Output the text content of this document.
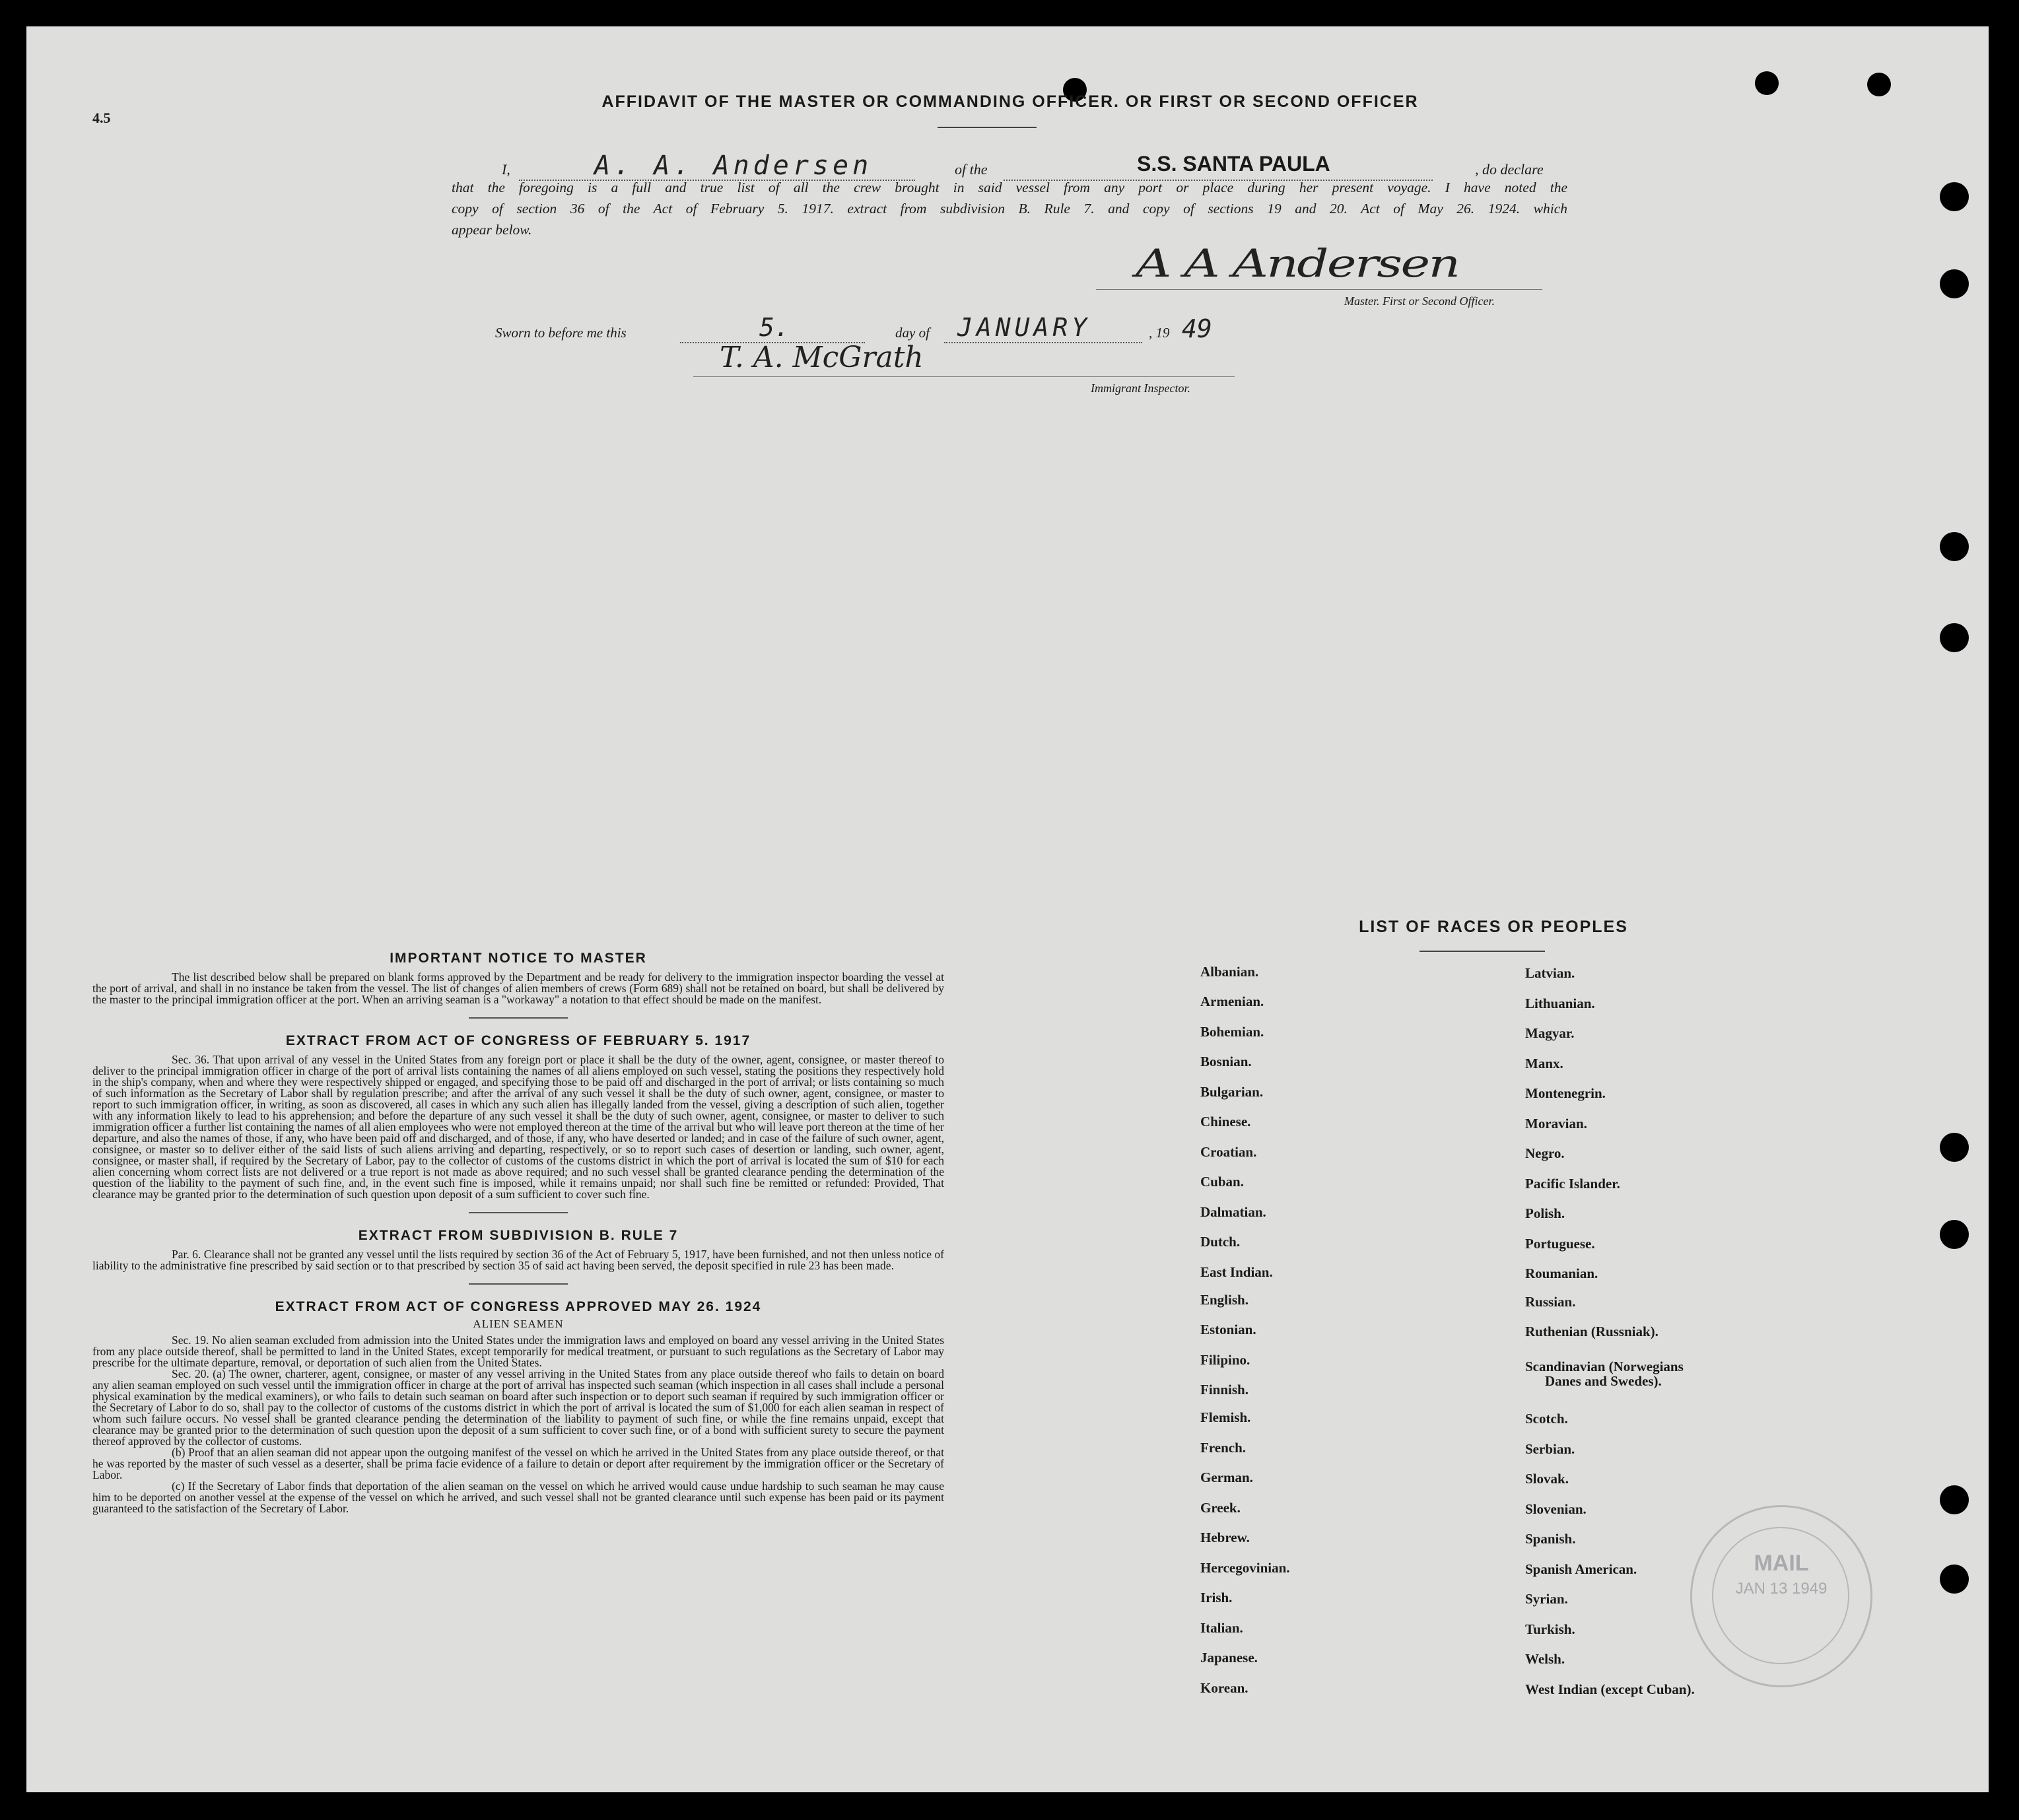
4.5
AFFIDAVIT OF THE MASTER OR COMMANDING OFFICER. OR FIRST OR SECOND OFFICER
I,	A. A. Andersen	of the	S.S. SANTA PAULA	, do declare
that the foregoing is a full and true list of all the crew brought in said vessel from any port or place during her present voyage. I have noted the
copy of section 36 of the Act of February 5. 1917. extract from subdivision B. Rule 7. and copy of sections 19 and 20. Act of May 26. 1924. which
appear below.
A A Andersen
Master. First or Second Officer.
Sworn to before me this	5.	day of JANUARY	, 19 49
T. A. McGrath
Immigrant Inspector.
IMPORTANT NOTICE TO MASTER

The list described below shall be prepared on blank forms approved by the Department and be ready for delivery to the immigration inspector boarding the vessel at the port of arrival, and shall in no instance be taken from the vessel. The list of changes of alien members of crews (Form 689) shall not be retained on board, but shall be delivered by the master to the principal immigration officer at the port. When an arriving seaman is a "workaway" a notation to that effect should be made on the manifest.

EXTRACT FROM ACT OF CONGRESS OF FEBRUARY 5. 1917

Sec. 36. That upon arrival of any vessel in the United States from any foreign port or place it shall be the duty of the owner, agent, consignee, or master thereof to deliver to the principal immigration officer in charge of the port of arrival lists containing the names of all aliens employed on such vessel, stating the positions they respectively hold in the ship's company, when and where they were respectively shipped or engaged, and specifying those to be paid off and discharged in the port of arrival; or lists containing so much of such information as the Secretary of Labor shall by regulation prescribe; and after the arrival of any such vessel it shall be the duty of such owner, agent, consignee, or master to report to such immigration officer, in writing, as soon as discovered, all cases in which any such alien has illegally landed from the vessel, giving a description of such alien, together with any information likely to lead to his apprehension; and before the departure of any such vessel it shall be the duty of such owner, agent, consignee, or master to deliver to such immigration officer a further list containing the names of all alien employees who were not employed thereon at the time of the arrival but who will leave port thereon at the time of her departure, and also the names of those, if any, who have been paid off and discharged, and of those, if any, who have deserted or landed; and in case of the failure of such owner, agent, consignee, or master so to deliver either of the said lists of such aliens arriving and departing, respectively, or so to report such cases of desertion or landing, such owner, agent, consignee, or master shall, if required by the Secretary of Labor, pay to the collector of customs of the customs district in which the port of arrival is located the sum of $10 for each alien concerning whom correct lists are not delivered or a true report is not made as above required; and no such vessel shall be granted clearance pending the determination of the question of the liability to the payment of such fine, and, in the event such fine is imposed, while it remains unpaid; nor shall such fine be remitted or refunded: Provided, That clearance may be granted prior to the determination of such question upon deposit of a sum sufficient to cover such fine.

EXTRACT FROM SUBDIVISION B. RULE 7

Par. 6. Clearance shall not be granted any vessel until the lists required by section 36 of the Act of February 5, 1917, have been furnished, and not then unless notice of liability to the administrative fine prescribed by said section or to that prescribed by section 35 of said act having been served, the deposit specified in rule 23 has been made.

EXTRACT FROM ACT OF CONGRESS APPROVED MAY 26. 1924
ALIEN SEAMEN

Sec. 19. No alien seaman excluded from admission into the United States under the immigration laws and employed on board any vessel arriving in the United States from any place outside thereof, shall be permitted to land in the United States, except temporarily for medical treatment, or pursuant to such regulations as the Secretary of Labor may prescribe for the ultimate departure, removal, or deportation of such alien from the United States.

Sec. 20. (a) The owner, charterer, agent, consignee, or master of any vessel arriving in the United States from any place outside thereof who fails to detain on board any alien seaman employed on such vessel until the immigration officer in charge at the port of arrival has inspected such seaman (which inspection in all cases shall include a personal physical examination by the medical examiners), or who fails to detain such seaman on board after such inspection or to deport such seaman if required by such immigration officer or the Secretary of Labor to do so, shall pay to the collector of customs of the customs district in which the port of arrival is located the sum of $1,000 for each alien seaman in respect of whom such failure occurs. No vessel shall be granted clearance pending the determination of the liability to payment of such fine, or while the fine remains unpaid, except that clearance may be granted prior to the determination of such question upon the deposit of a sum sufficient to cover such fine, or of a bond with sufficient surety to secure the payment thereof approved by the collector of customs.

(b) Proof that an alien seaman did not appear upon the outgoing manifest of the vessel on which he arrived in the United States from any place outside thereof, or that he was reported by the master of such vessel as a deserter, shall be prima facie evidence of a failure to detain or deport after requirement by the immigration officer or the Secretary of Labor.

(c) If the Secretary of Labor finds that deportation of the alien seaman on the vessel on which he arrived would cause undue hardship to such seaman he may cause him to be deported on another vessel at the expense of the vessel on which he arrived, and such vessel shall not be granted clearance until such expense has been paid or its payment guaranteed to the satisfaction of the Secretary of Labor.

LIST OF RACES OR PEOPLES
Albanian.
Armenian.
Bohemian.
Bosnian.
Bulgarian.
Chinese.
Croatian.
Cuban.
Dalmatian.
Dutch.
East Indian.
English.
Estonian.
Filipino.
Finnish.
Flemish.
French.
German.
Greek.
Hebrew.
Hercegovinian.
Irish.
Italian.
Japanese.
Korean.
Latvian.
Lithuanian.
Magyar.
Manx.
Montenegrin.
Moravian.
Negro.
Pacific Islander.
Polish.
Portuguese.
Roumanian.
Russian.
Ruthenian (Russniak).
Scandinavian (Norwegians
Danes and Swedes).
Scotch.
Serbian.
Slovak.
Slovenian.
Spanish.
Spanish American.
Syrian.
Turkish.
Welsh.
West Indian (except Cuban).
MAIL
JAN 13 1949
